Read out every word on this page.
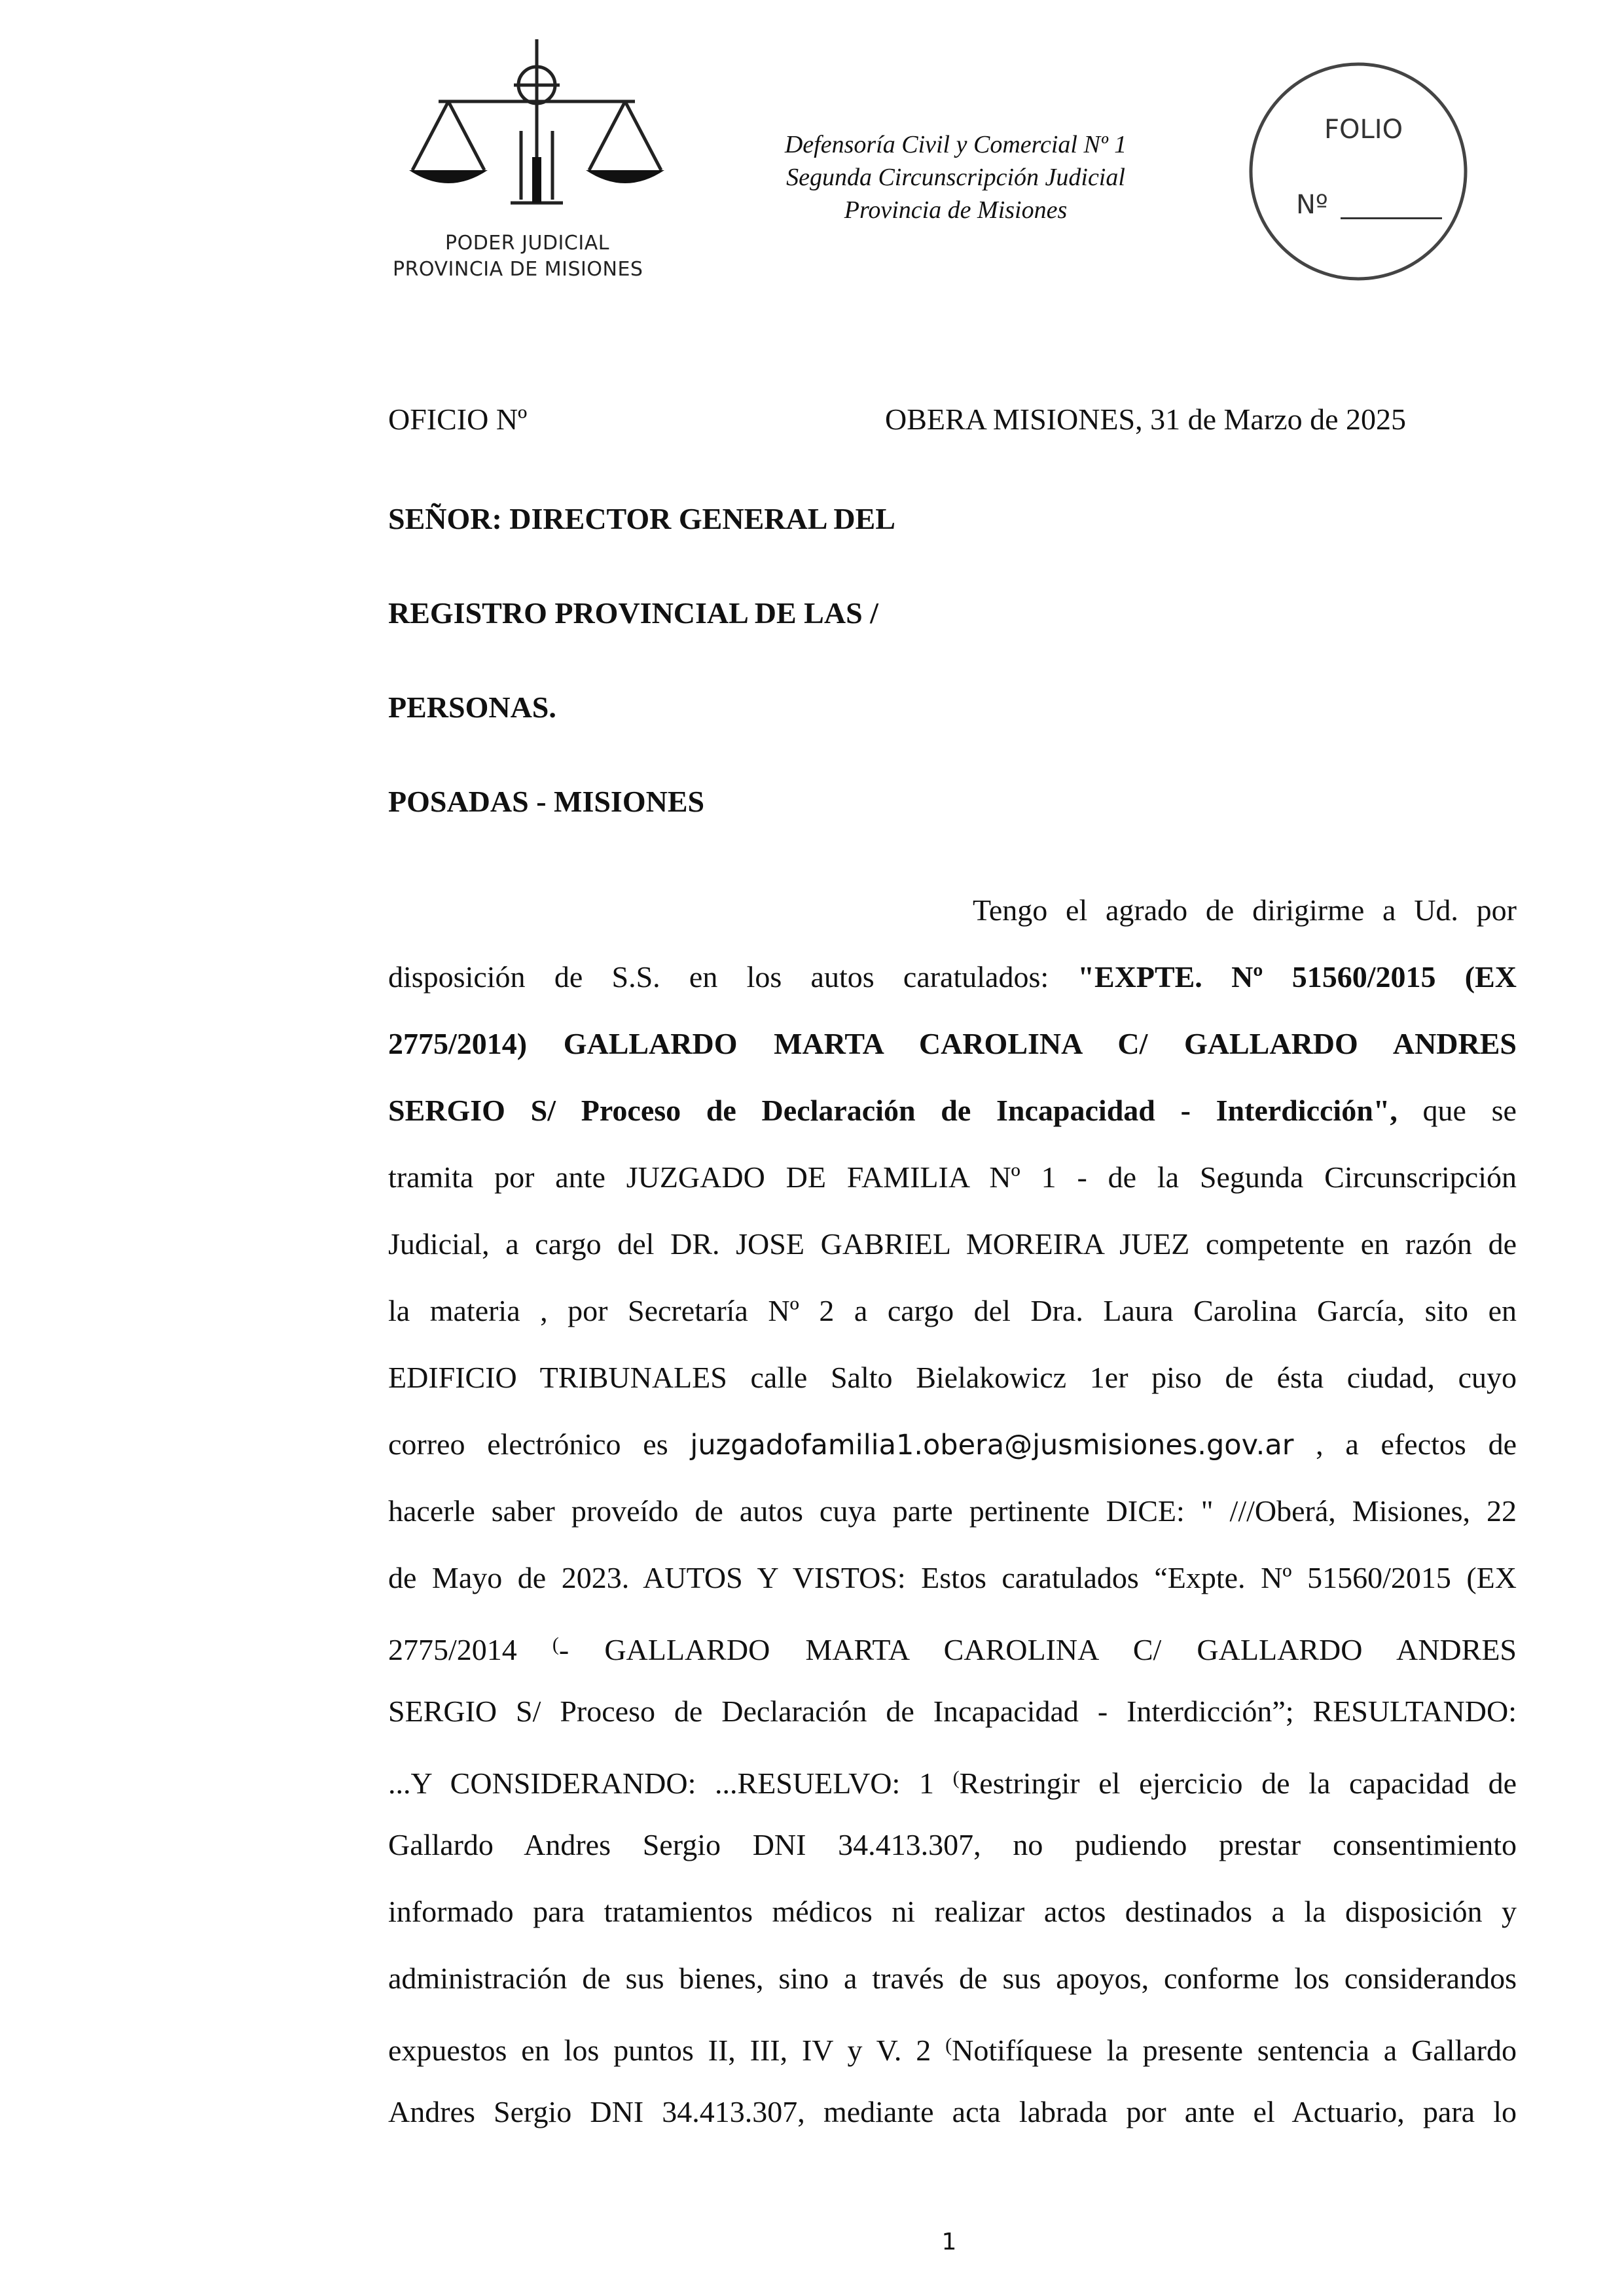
PODER JUDICIAL
PROVINCIA DE MISIONES
Defensoría Civil y Comercial Nº 1
Segunda Circunscripción Judicial
Provincia de Misiones
FOLIO
Nº
OFICIO Nº	OBERA MISIONES, 31 de Marzo de 2025
SEÑOR: DIRECTOR GENERAL DEL
REGISTRO PROVINCIAL DE LAS /
PERSONAS.
POSADAS - MISIONES
Tengo el agrado de dirigirme a Ud. por
disposición de S.S. en los autos caratulados: "EXPTE. Nº 51560/2015 (EX
2775/2014) GALLARDO MARTA CAROLINA C/ GALLARDO ANDRES
SERGIO S/ Proceso de Declaración de Incapacidad - Interdicción", que se
tramita por ante JUZGADO DE FAMILIA Nº 1 - de la Segunda Circunscripción
Judicial, a cargo del DR. JOSE GABRIEL MOREIRA JUEZ competente en razón de
la materia , por Secretaría Nº 2 a cargo del Dra. Laura Carolina García, sito en
EDIFICIO TRIBUNALES calle Salto Bielakowicz 1er piso de ésta ciudad, cuyo
correo electrónico es juzgadofamilia1.obera@jusmisiones.gov.ar , a efectos de
hacerle saber proveído de autos cuya parte pertinente DICE: " ///Oberá, Misiones, 22
de Mayo de 2023. AUTOS Y VISTOS: Estos caratulados “Expte. Nº 51560/2015 (EX
2775/2014 (- GALLARDO MARTA CAROLINA C/ GALLARDO ANDRES
SERGIO S/ Proceso de Declaración de Incapacidad - Interdicción”; RESULTANDO:
...Y CONSIDERANDO: ...RESUELVO: 1 (Restringir el ejercicio de la capacidad de
Gallardo Andres Sergio DNI 34.413.307, no pudiendo prestar consentimiento
informado para tratamientos médicos ni realizar actos destinados a la disposición y
administración de sus bienes, sino a través de sus apoyos, conforme los considerandos
expuestos en los puntos II, III, IV y V. 2 (Notifíquese la presente sentencia a Gallardo
Andres Sergio DNI 34.413.307, mediante acta labrada por ante el Actuario, para lo
1
